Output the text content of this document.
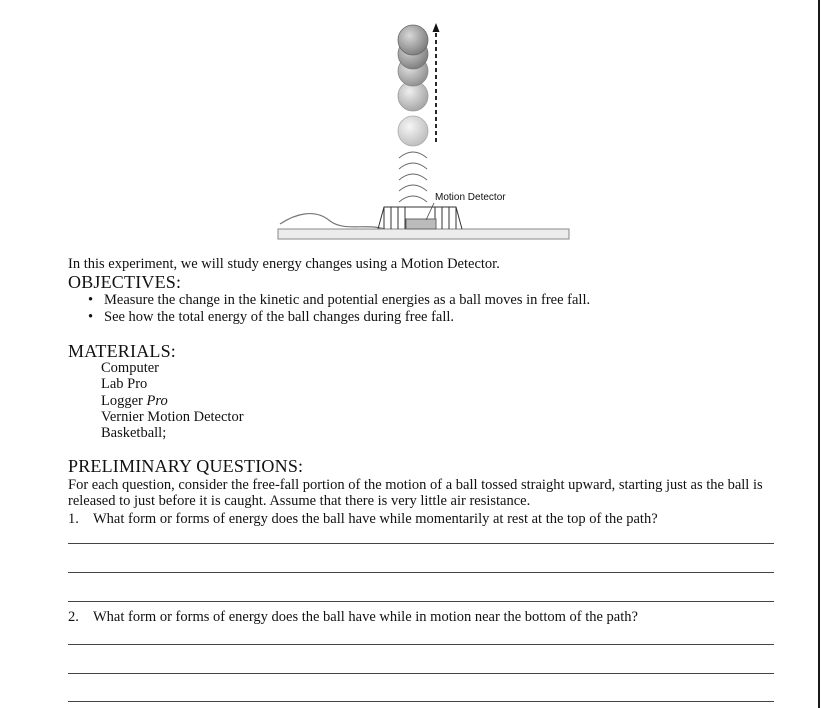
Motion Detector
In this experiment, we will study energy changes using a Motion Detector.
OBJECTIVES:
• Measure the change in the kinetic and potential energies as a ball moves in free fall.
• See how the total energy of the ball changes during free fall.
MATERIALS:
Computer
Lab Pro
Logger Pro
Vernier Motion Detector
Basketball;
PRELIMINARY QUESTIONS:
For each question, consider the free-fall portion of the motion of a ball tossed straight upward, starting just as the ball is released to just before it is caught. Assume that there is very little air resistance.
1. What form or forms of energy does the ball have while momentarily at rest at the top of the path?
2. What form or forms of energy does the ball have while in motion near the bottom of the path?
